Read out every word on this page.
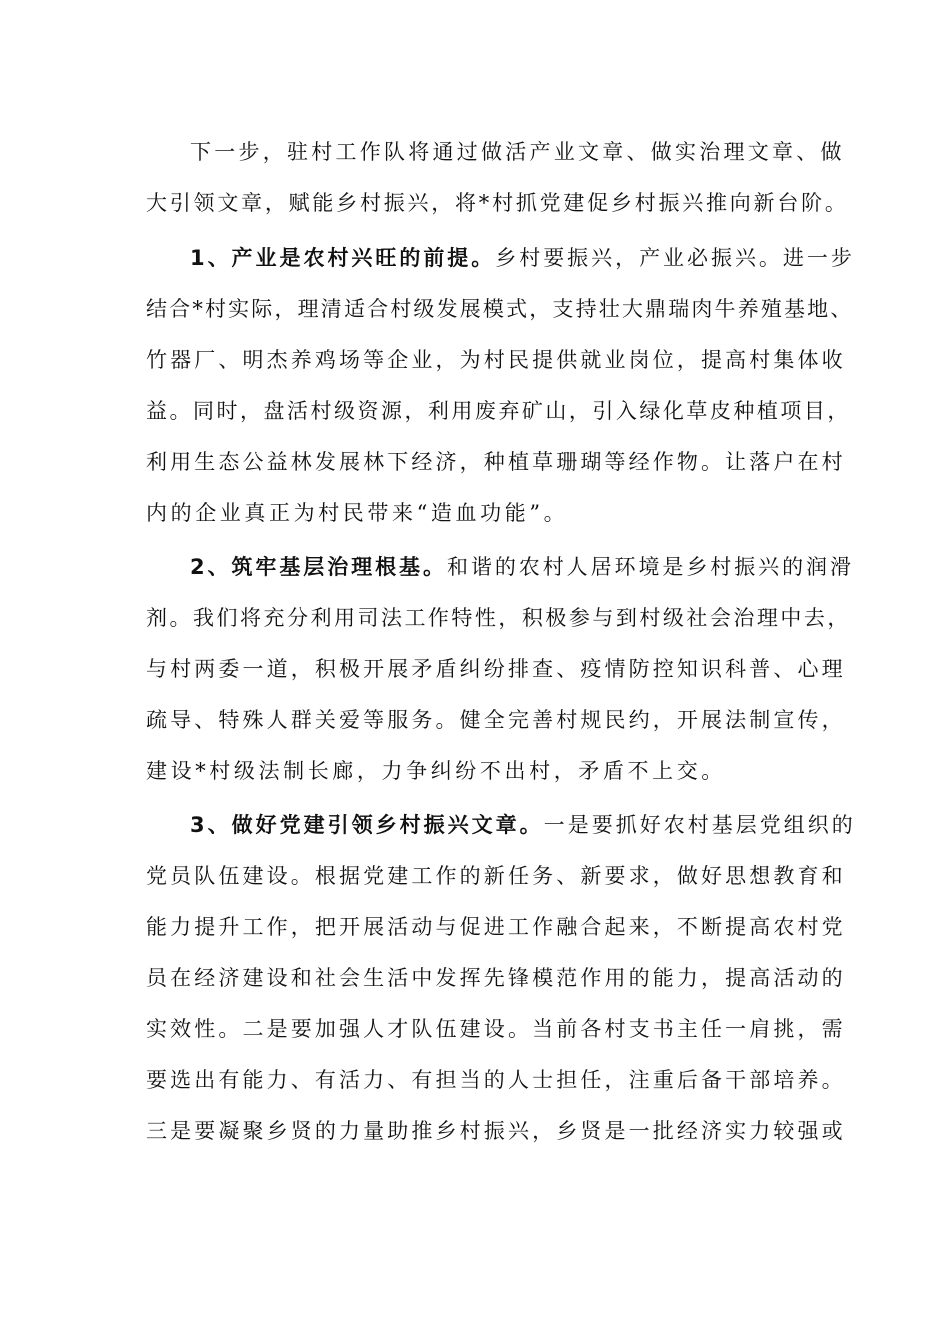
下一步，驻村工作队将通过做活产业文章、做实治理文章、做
大引领文章，赋能乡村振兴，将*村抓党建促乡村振兴推向新台阶。
1、产业是农村兴旺的前提。乡村要振兴，产业必振兴。进一步
结合*村实际，理清适合村级发展模式，支持壮大鼎瑞肉牛养殖基地、
竹器厂、明杰养鸡场等企业，为村民提供就业岗位，提高村集体收
益。同时，盘活村级资源，利用废弃矿山，引入绿化草皮种植项目，
利用生态公益林发展林下经济，种植草珊瑚等经作物。让落户在村
内的企业真正为村民带来“造血功能”。
2、筑牢基层治理根基。和谐的农村人居环境是乡村振兴的润滑
剂。我们将充分利用司法工作特性，积极参与到村级社会治理中去，
与村两委一道，积极开展矛盾纠纷排查、疫情防控知识科普、心理
疏导、特殊人群关爱等服务。健全完善村规民约，开展法制宣传，
建设*村级法制长廊，力争纠纷不出村，矛盾不上交。
3、做好党建引领乡村振兴文章。一是要抓好农村基层党组织的
党员队伍建设。根据党建工作的新任务、新要求，做好思想教育和
能力提升工作，把开展活动与促进工作融合起来，不断提高农村党
员在经济建设和社会生活中发挥先锋模范作用的能力，提高活动的
实效性。二是要加强人才队伍建设。当前各村支书主任一肩挑，需
要选出有能力、有活力、有担当的人士担任，注重后备干部培养。
三是要凝聚乡贤的力量助推乡村振兴，乡贤是一批经济实力较强或
